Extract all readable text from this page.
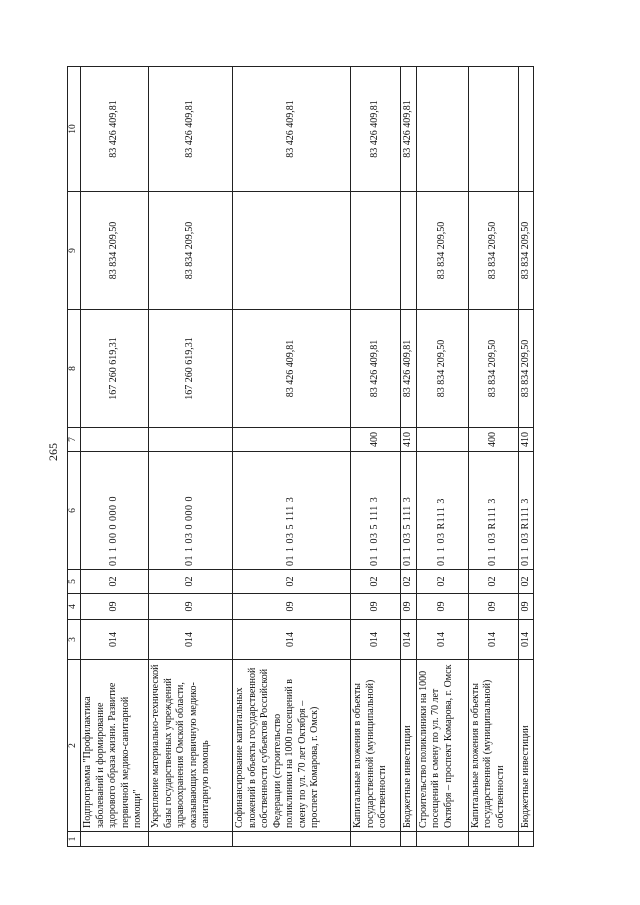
265
1	2	3	4	5	6	7	8	9	10
	Подпрограмма "Профилактика заболеваний и формирование здорового образа жизни. Развитие первичной медико-санитарной помощи"	014	09	02	01 1 00 0 000 0		167 260 619,31	83 834 209,50	83 426 409,81
	Укрепление материально-технической базы государственных учреждений здравоохранения Омской области, оказывающих первичную медико-санитарную помощь	014	09	02	01 1 03 0 000 0		167 260 619,31	83 834 209,50	83 426 409,81
	Софинансирование капитальных вложений в объекты государственной собственности субъектов Российской Федерации (строительство поликлиники на 1000 посещений в смену по ул. 70 лет Октября – проспект Комарова, г. Омск)	014	09	02	01 1 03 5 111 3		83 426 409,81		83 426 409,81
	Капитальные вложения в объекты государственной (муниципальной) собственности	014	09	02	01 1 03 5 111 3	400	83 426 409,81		83 426 409,81
	Бюджетные инвестиции	014	09	02	01 1 03 5 111 3	410	83 426 409,81		83 426 409,81
	Строительство поликлиники на 1000 посещений в смену по ул. 70 лет Октября – проспект Комарова, г. Омск	014	09	02	01 1 03 R111 3		83 834 209,50	83 834 209,50	
	Капитальные вложения в объекты государственной (муниципальной) собственности	014	09	02	01 1 03 R111 3	400	83 834 209,50	83 834 209,50	
	Бюджетные инвестиции	014	09	02	01 1 03 R111 3	410	83 834 209,50	83 834 209,50	
